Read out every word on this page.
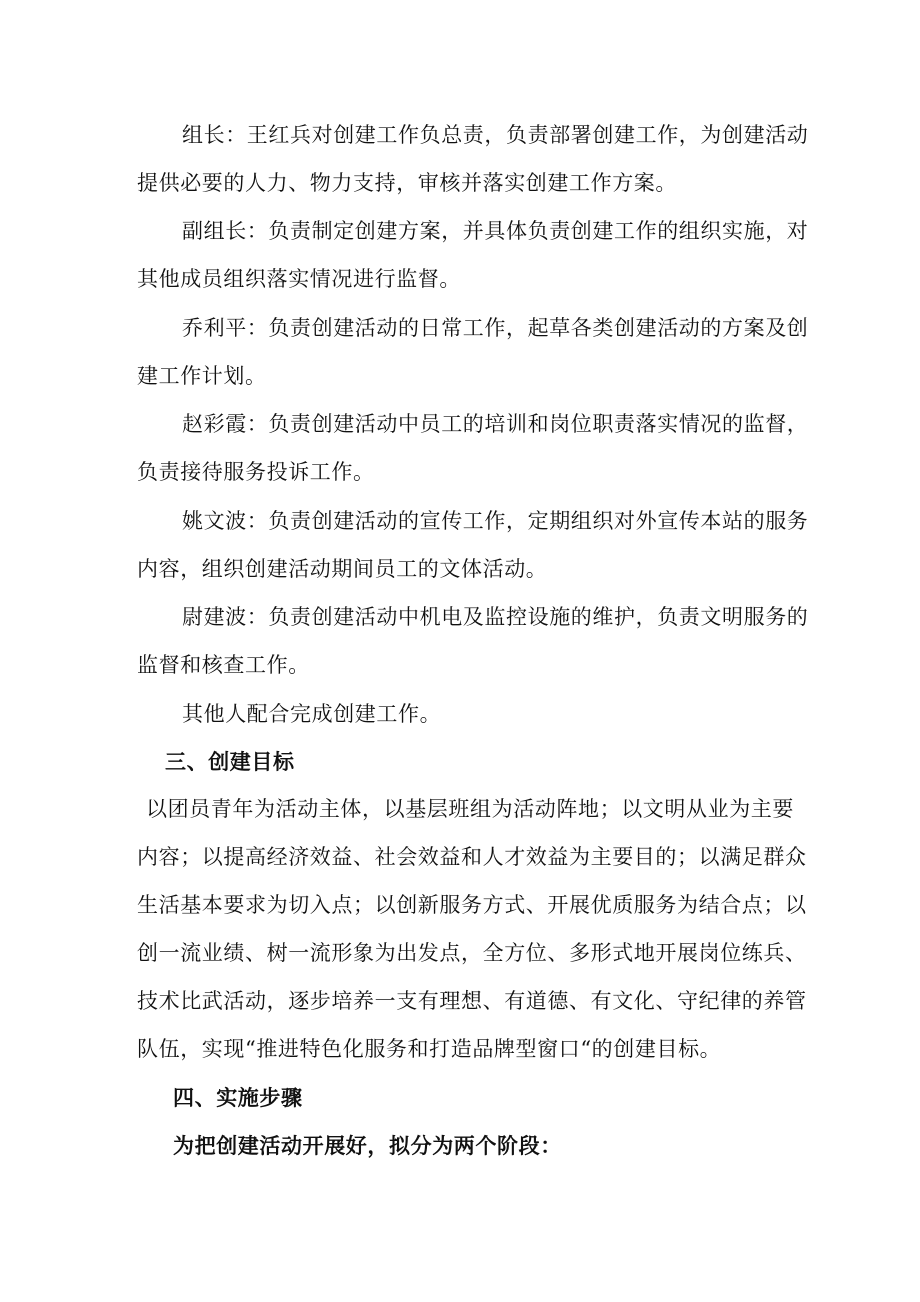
组长：王红兵对创建工作负总责，负责部署创建工作，为创建活动
提供必要的人力、物力支持，审核并落实创建工作方案。
副组长：负责制定创建方案，并具体负责创建工作的组织实施，对
其他成员组织落实情况进行监督。
乔利平：负责创建活动的日常工作，起草各类创建活动的方案及创
建工作计划。
赵彩霞：负责创建活动中员工的培训和岗位职责落实情况的监督，
负责接待服务投诉工作。
姚文波：负责创建活动的宣传工作，定期组织对外宣传本站的服务
内容，组织创建活动期间员工的文体活动。
尉建波：负责创建活动中机电及监控设施的维护，负责文明服务的
监督和核查工作。
其他人配合完成创建工作。
三、创建目标
以团员青年为活动主体，以基层班组为活动阵地；以文明从业为主要
内容；以提高经济效益、社会效益和人才效益为主要目的；以满足群众
生活基本要求为切入点；以创新服务方式、开展优质服务为结合点；以
创一流业绩、树一流形象为出发点，全方位、多形式地开展岗位练兵、
技术比武活动，逐步培养一支有理想、有道德、有文化、守纪律的养管
队伍，实现“推进特色化服务和打造品牌型窗口“的创建目标。
四、实施步骤
为把创建活动开展好，拟分为两个阶段：
